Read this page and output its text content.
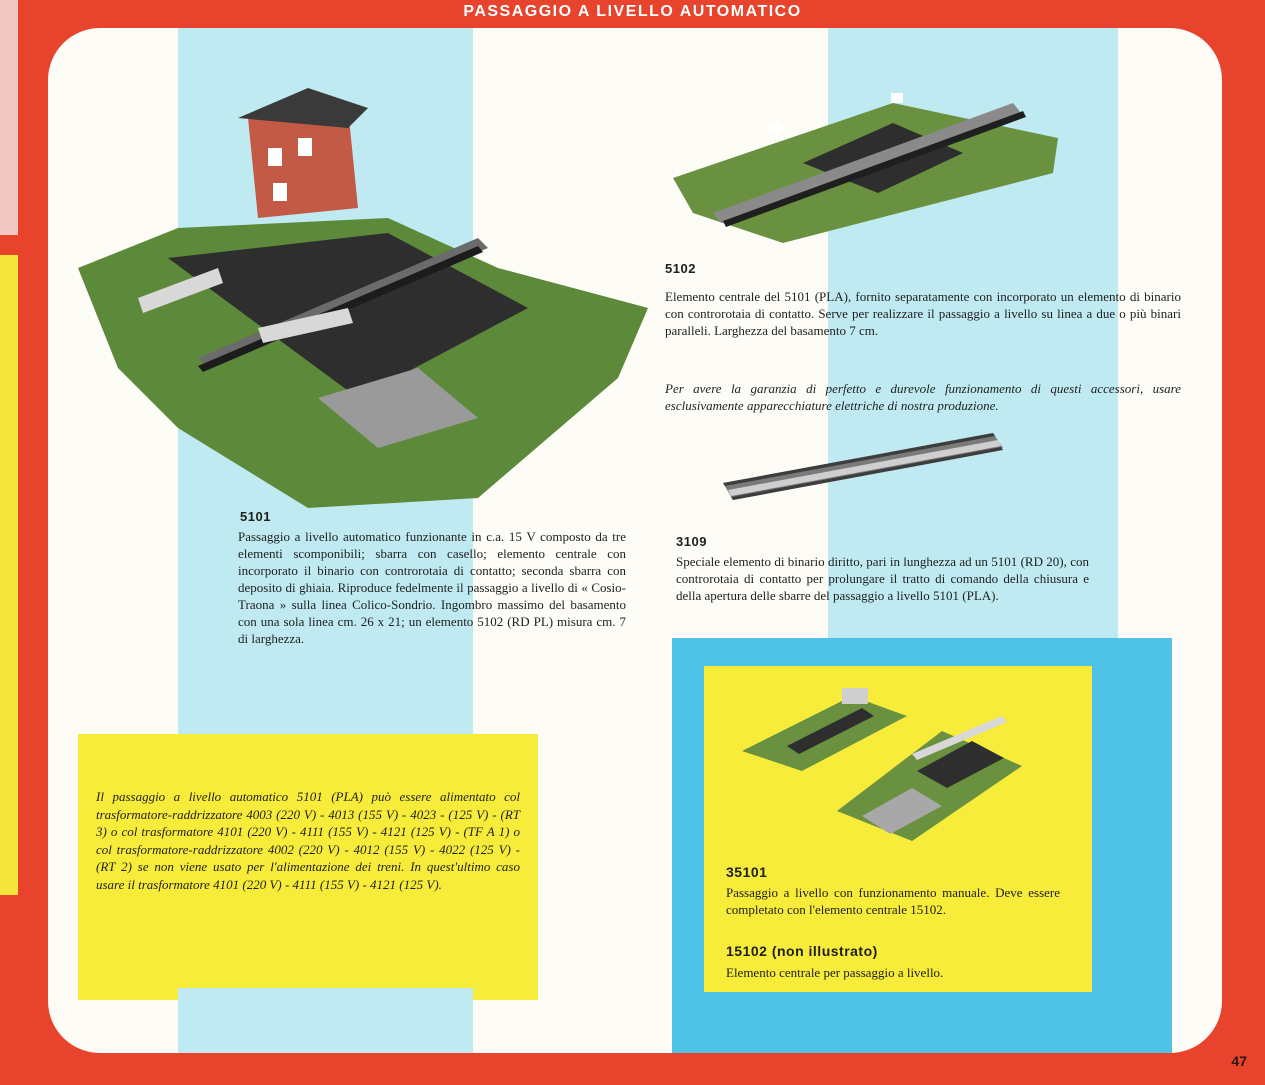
PASSAGGIO A LIVELLO AUTOMATICO
5101
Passaggio a livello automatico funzionante in c.a. 15 V composto da tre elementi scomponibili; sbarra con casello; elemento centrale con incorporato il binario con controrotaia di contatto; seconda sbarra con deposito di ghiaia. Riproduce fedelmente il passaggio a livello di « Cosio-Traona » sulla linea Colico-Sondrio. Ingombro massimo del basamento con una sola linea cm. 26 x 21; un elemento 5102 (RD PL) misura cm. 7 di larghezza.
5102
Elemento centrale del 5101 (PLA), fornito separatamente con incorporato un elemento di binario con controrotaia di contatto. Serve per realizzare il passaggio a livello su linea a due o più binari paralleli. Larghezza del basamento 7 cm.
Per avere la garanzia di perfetto e durevole funzionamento di questi accessori, usare esclusivamente apparecchiature elettriche di nostra produzione.
3109
Speciale elemento di binario diritto, pari in lunghezza ad un 5101 (RD 20), con controrotaia di contatto per prolungare il tratto di comando della chiusura e della apertura delle sbarre del passaggio a livello 5101 (PLA).
Il passaggio a livello automatico 5101 (PLA) può essere alimentato col trasformatore-raddrizzatore 4003 (220 V) - 4013 (155 V) - 4023 - (125 V) - (RT 3) o col trasformatore 4101 (220 V) - 4111 (155 V) - 4121 (125 V) - (TF A 1) o col trasformatore-raddrizzatore 4002 (220 V) - 4012 (155 V) - 4022 (125 V) - (RT 2) se non viene usato per l'alimentazione dei treni. In quest'ultimo caso usare il trasformatore 4101 (220 V) - 4111 (155 V) - 4121 (125 V).
35101
Passaggio a livello con funzionamento manuale. Deve essere completato con l'elemento centrale 15102.
15102 (non illustrato)
Elemento centrale per passaggio a livello.
47
